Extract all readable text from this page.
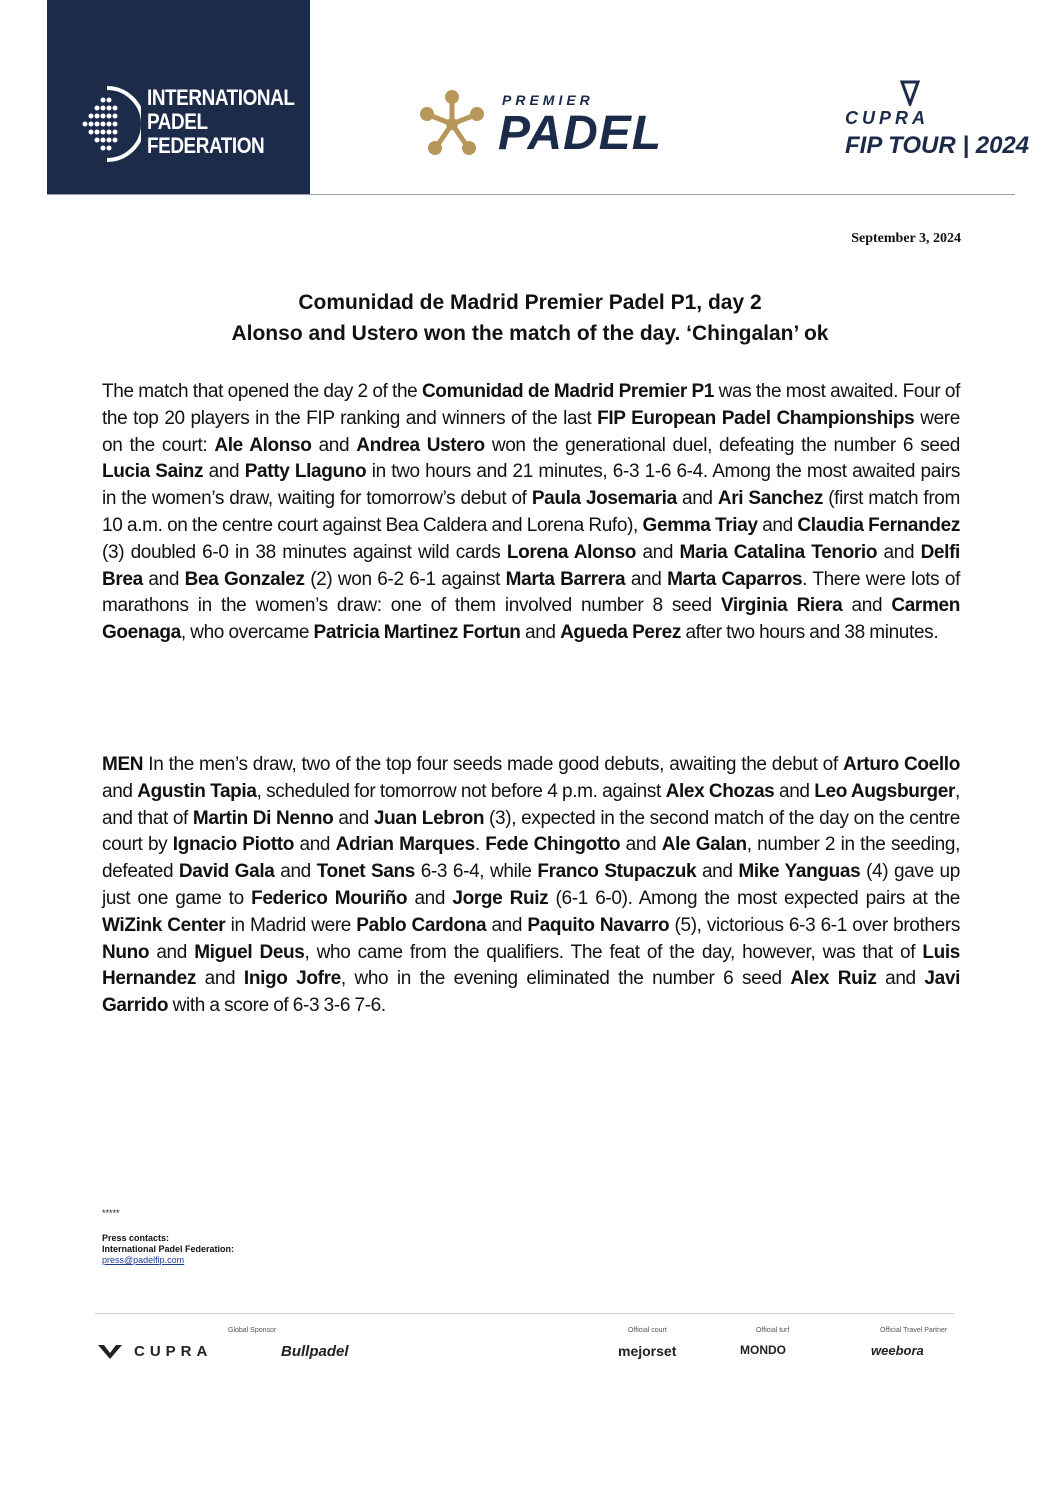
INTERNATIONAL
PADEL
FEDERATION
PREMIER
PADEL	CUPRA
FIP TOUR | 2024
September 3, 2024
Comunidad de Madrid Premier Padel P1, day 2
Alonso and Ustero won the match of the day. ‘Chingalan’ ok
The match that opened the day 2 of the Comunidad de Madrid Premier P1 was the most awaited. Four of the top 20 players in the FIP ranking and winners of the last FIP European Padel Championships were on the court: Ale Alonso and Andrea Ustero won the generational duel, defeating the number 6 seed Lucia Sainz and Patty Llaguno in two hours and 21 minutes, 6-3 1-6 6-4. Among the most awaited pairs in the women’s draw, waiting for tomorrow’s debut of Paula Josemaria and Ari Sanchez (first match from 10 a.m. on the centre court against Bea Caldera and Lorena Rufo), Gemma Triay and Claudia Fernandez (3) doubled 6-0 in 38 minutes against wild cards Lorena Alonso and Maria Catalina Tenorio and Delfi Brea and Bea Gonzalez (2) won 6-2 6-1 against Marta Barrera and Marta Caparros. There were lots of marathons in the women’s draw: one of them involved number 8 seed Virginia Riera and Carmen Goenaga, who overcame Patricia Martinez Fortun and Agueda Perez after two hours and 38 minutes.
MEN In the men’s draw, two of the top four seeds made good debuts, awaiting the debut of Arturo Coello and Agustin Tapia, scheduled for tomorrow not before 4 p.m. against Alex Chozas and Leo Augsburger, and that of Martin Di Nenno and Juan Lebron (3), expected in the second match of the day on the centre court by Ignacio Piotto and Adrian Marques. Fede Chingotto and Ale Galan, number 2 in the seeding, defeated David Gala and Tonet Sans 6-3 6-4, while Franco Stupaczuk and Mike Yanguas (4) gave up just one game to Federico Mouriño and Jorge Ruiz (6-1 6-0). Among the most expected pairs at the WiZink Center in Madrid were Pablo Cardona and Paquito Navarro (5), victorious 6-3 6-1 over brothers Nuno and Miguel Deus, who came from the qualifiers. The feat of the day, however, was that of Luis Hernandez and Inigo Jofre, who in the evening eliminated the number 6 seed Alex Ruiz and Javi Garrido with a score of 6-3 3-6 7-6.
*****
Press contacts:
International Padel Federation:
press@padelfip.com
Global Sponsor	Official court	Official turf	Official Travel Partner
CUPRA	Bullpadel	mejorset	MONDO	weebora
